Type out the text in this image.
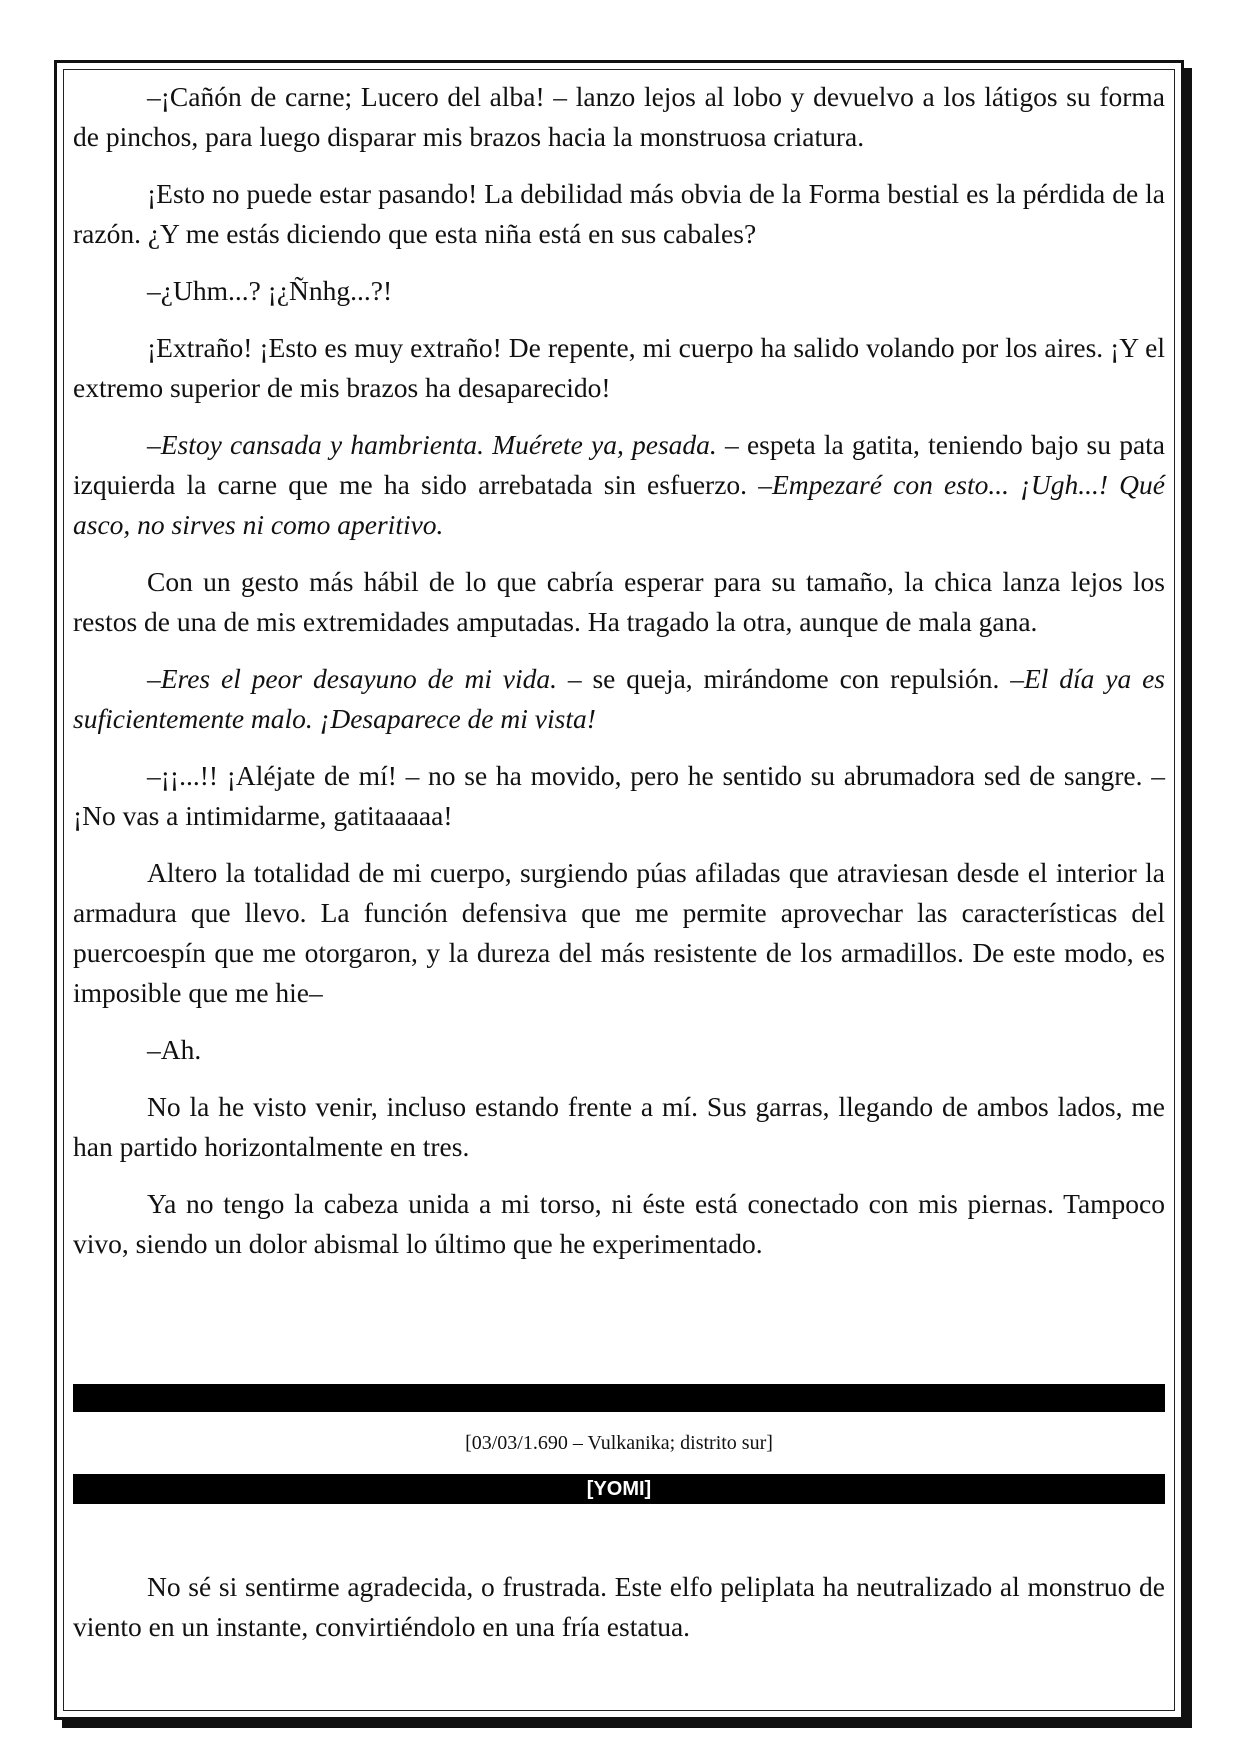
–¡Cañón de carne; Lucero del alba! – lanzo lejos al lobo y devuelvo a los látigos su forma de pinchos, para luego disparar mis brazos hacia la monstruosa criatura.

¡Esto no puede estar pasando! La debilidad más obvia de la Forma bestial es la pérdida de la razón. ¿Y me estás diciendo que esta niña está en sus cabales?

–¿Uhm...? ¡¿Ñnhg...?!

¡Extraño! ¡Esto es muy extraño! De repente, mi cuerpo ha salido volando por los aires. ¡Y el extremo superior de mis brazos ha desaparecido!

–Estoy cansada y hambrienta. Muérete ya, pesada. – espeta la gatita, teniendo bajo su pata izquierda la carne que me ha sido arrebatada sin esfuerzo. –Empezaré con esto... ¡Ugh...! Qué asco, no sirves ni como aperitivo.

Con un gesto más hábil de lo que cabría esperar para su tamaño, la chica lanza lejos los restos de una de mis extremidades amputadas. Ha tragado la otra, aunque de mala gana.

–Eres el peor desayuno de mi vida. – se queja, mirándome con repulsión. –El día ya es suficientemente malo. ¡Desaparece de mi vista!

–¡¡...!! ¡Aléjate de mí! – no se ha movido, pero he sentido su abrumadora sed de sangre. –¡No vas a intimidarme, gatitaaaaa!

Altero la totalidad de mi cuerpo, surgiendo púas afiladas que atraviesan desde el interior la armadura que llevo. La función defensiva que me permite aprovechar las características del puercoespín que me otorgaron, y la dureza del más resistente de los armadillos. De este modo, es imposible que me hie–

–Ah.

No la he visto venir, incluso estando frente a mí. Sus garras, llegando de ambos lados, me han partido horizontalmente en tres.

Ya no tengo la cabeza unida a mi torso, ni éste está conectado con mis piernas. Tampoco vivo, siendo un dolor abismal lo último que he experimentado.

[03/03/1.690 – Vulkanika; distrito sur]
[YOMI]

No sé si sentirme agradecida, o frustrada. Este elfo peliplata ha neutralizado al monstruo de viento en un instante, convirtiéndolo en una fría estatua.
